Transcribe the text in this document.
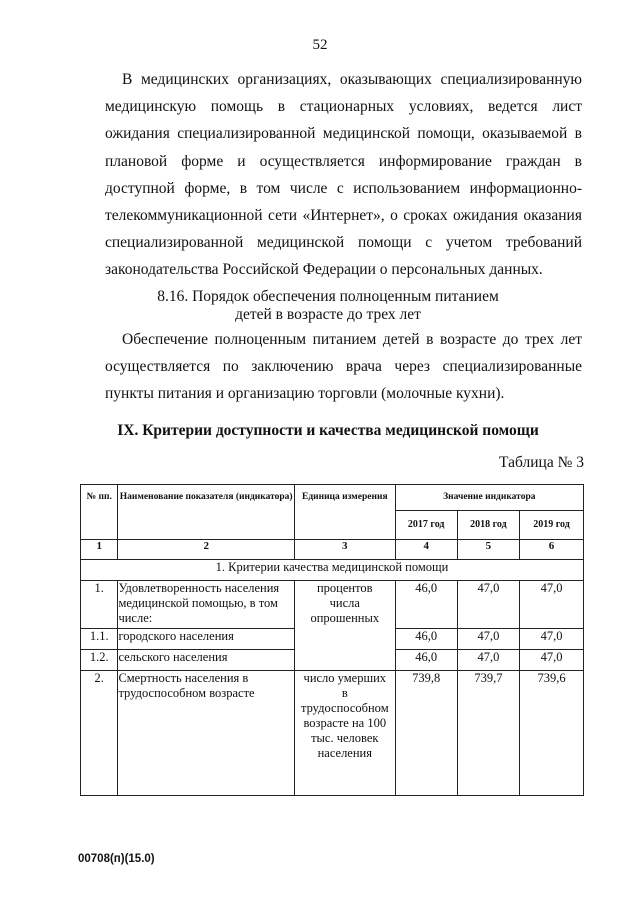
52
В медицинских организациях, оказывающих специализированную медицинскую помощь в стационарных условиях, ведется лист ожидания специализированной медицинской помощи, оказываемой в плановой форме и осуществляется информирование граждан в доступной форме, в том числе с использованием информационно-телекоммуникационной сети «Интернет», о сроках ожидания оказания специализированной медицинской помощи с учетом требований законодательства Российской Федерации о персональных данных.
8.16. Порядок обеспечения полноценным питанием
детей в возрасте до трех лет
Обеспечение полноценным питанием детей в возрасте до трех лет осуществляется по заключению врача через специализированные пункты питания и организацию торговли (молочные кухни).
IX. Критерии доступности и качества медицинской помощи
Таблица № 3
№ пп.	Наименование показателя (индикатора)	Единица измерения	Значение индикатора		
			2017 год	2018 год	2019 год
1	2	3	4	5	6
1. Критерии качества медицинской помощи					
1.	Удовлетворенность населения медицинской помощью, в том числе:	процентов числа опрошенных	46,0	47,0	47,0
1.1.	городского населения		46,0	47,0	47,0
1.2.	сельского населения		46,0	47,0	47,0
2.	Смертность населения в трудоспособном возрасте	число умерших в трудоспособном возрасте на 100 тыс. человек населения	739,8	739,7	739,6
00708(п)(15.0)
